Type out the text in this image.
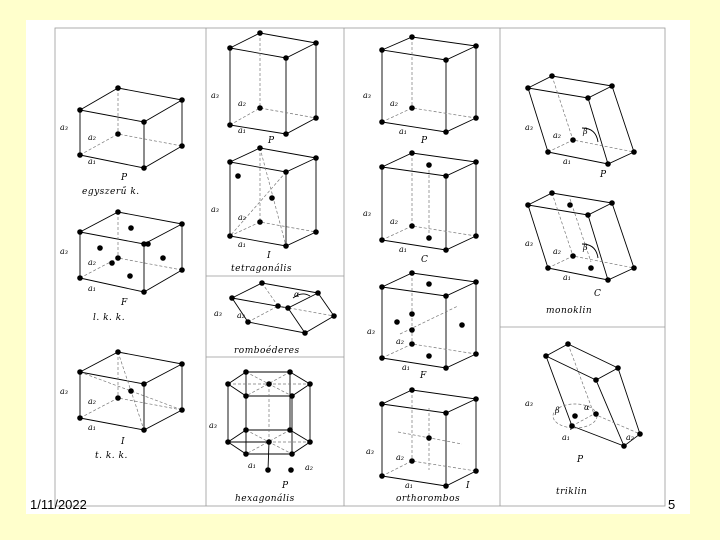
a₃
a₂
a₁
P
egyszerű k.
a₃
a₂
a₁
F
l. k. k.
a₃
a₂
a₁
I
t. k. k.
a₃
a₂
a₁
P
a₃
a₂
a₁
I
tetragonális
a₃ a₂
α
romboéderes
a₃
a₁	a₂
P
hexagonális
a₃
a₂
a₁
P
a₃
a₂
a₁
C
a₃
a₂
a₁
F
a₃
a₂
a₁	I
orthorombos
a₃
a₂
a₁
β
P
a₃
a₂
a₁
β
C
monoklin
a₃
a₁	a₂
β	α
γ
P
triklin
1/11/2022	5
